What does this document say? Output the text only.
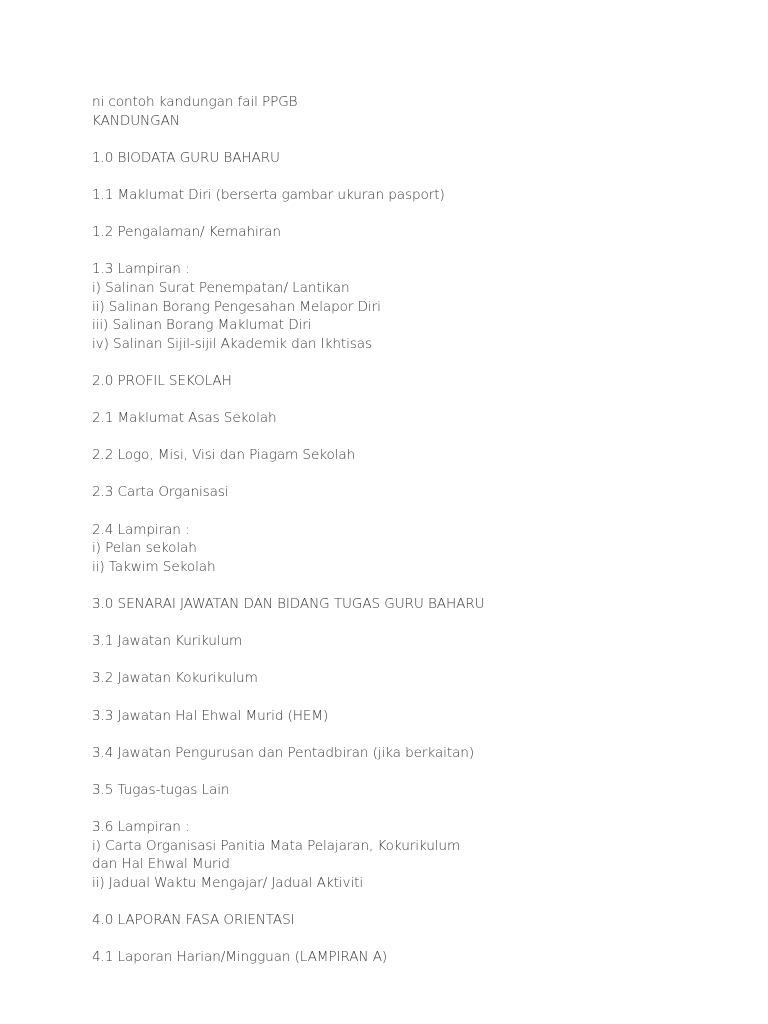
ni contoh kandungan fail PPGB
KANDUNGAN
1.0 BIODATA GURU BAHARU
1.1 Maklumat Diri (berserta gambar ukuran pasport)
1.2 Pengalaman/ Kemahiran
1.3 Lampiran :
i) Salinan Surat Penempatan/ Lantikan
ii) Salinan Borang Pengesahan Melapor Diri
iii) Salinan Borang Maklumat Diri
iv) Salinan Sijil-sijil Akademik dan Ikhtisas
2.0 PROFIL SEKOLAH
2.1 Maklumat Asas Sekolah
2.2 Logo, Misi, Visi dan Piagam Sekolah
2.3 Carta Organisasi
2.4 Lampiran :
i) Pelan sekolah
ii) Takwim Sekolah
3.0 SENARAI JAWATAN DAN BIDANG TUGAS GURU BAHARU
3.1 Jawatan Kurikulum
3.2 Jawatan Kokurikulum
3.3 Jawatan Hal Ehwal Murid (HEM)
3.4 Jawatan Pengurusan dan Pentadbiran (jika berkaitan)
3.5 Tugas-tugas Lain
3.6 Lampiran :
i) Carta Organisasi Panitia Mata Pelajaran, Kokurikulum
dan Hal Ehwal Murid
ii) Jadual Waktu Mengajar/ Jadual Aktiviti
4.0 LAPORAN FASA ORIENTASI
4.1 Laporan Harian/Mingguan (LAMPIRAN A)
